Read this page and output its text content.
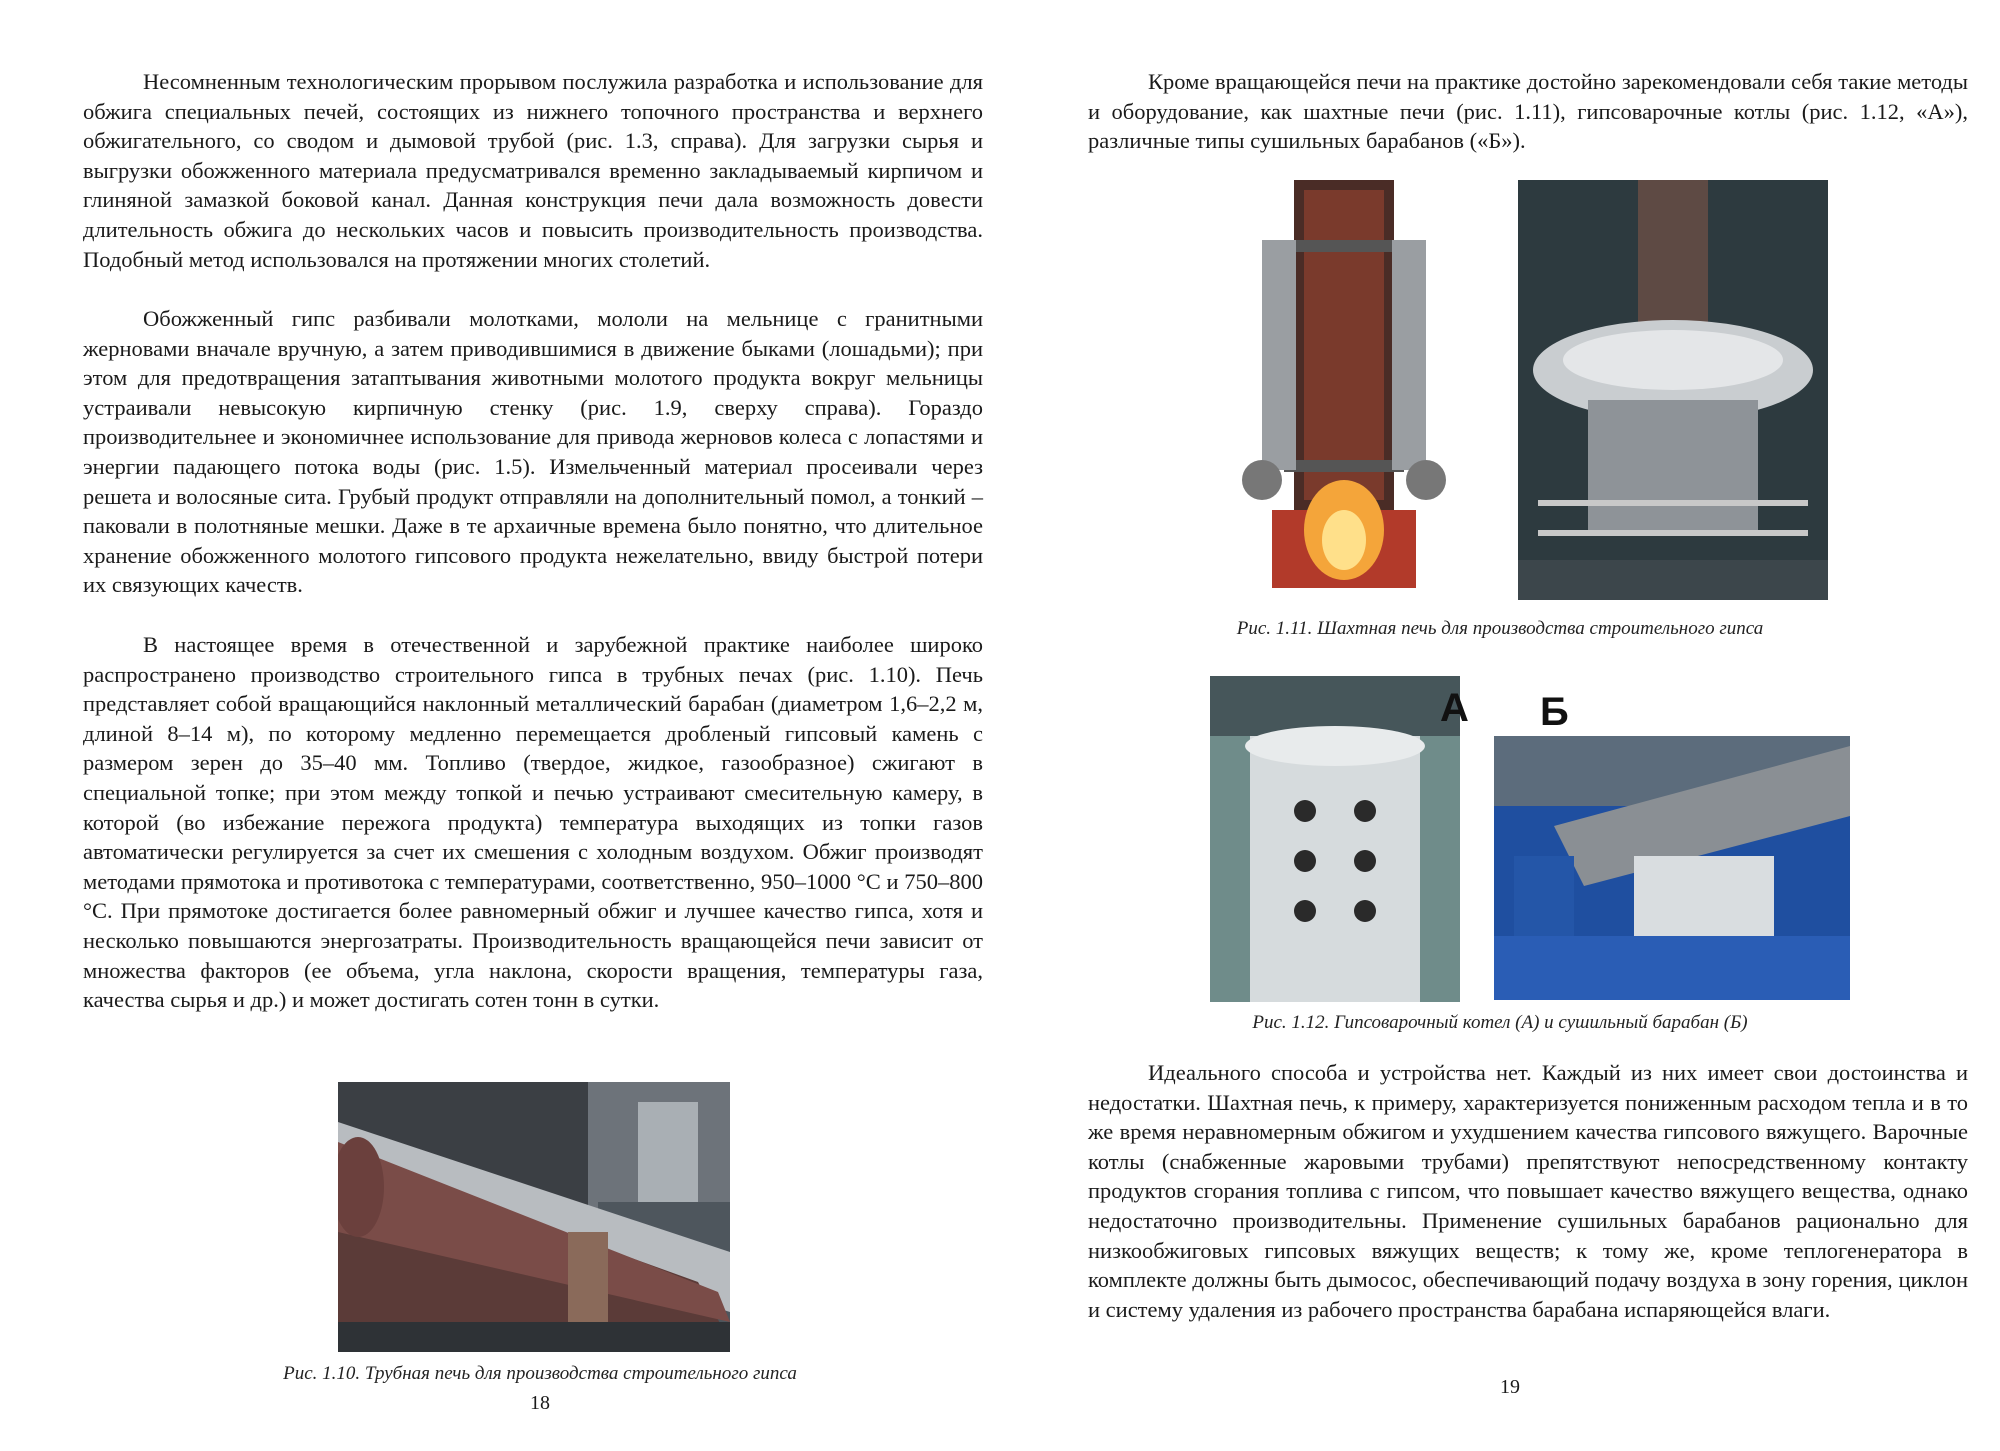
Несомненным технологическим прорывом послужила разработка и использование для обжига специальных печей, состоящих из нижнего топочного пространства и верхнего обжигательного, со сводом и дымовой трубой (рис. 1.3, справа). Для загрузки сырья и выгрузки обожженного материала предусматривался временно закладываемый кирпичом и глиняной замазкой боковой канал. Данная конструкция печи дала возможность довести длительность обжига до нескольких часов и повысить производительность производства. Подобный метод использовался на протяжении многих столетий.

Обожженный гипс разбивали молотками, мололи на мельнице с гранитными жерновами вначале вручную, а затем приводившимися в движение быками (лошадьми); при этом для предотвращения затаптывания животными молотого продукта вокруг мельницы устраивали невысокую кирпичную стенку (рис. 1.9, сверху справа). Гораздо производительнее и экономичнее использование для привода жерновов колеса с лопастями и энергии падающего потока воды (рис. 1.5). Измельченный материал просеивали через решета и волосяные сита. Грубый продукт отправляли на дополнительный помол, а тонкий – паковали в полотняные мешки. Даже в те архаичные времена было понятно, что длительное хранение обожженного молотого гипсового продукта нежелательно, ввиду быстрой потери их связующих качеств.

В настоящее время в отечественной и зарубежной практике наиболее широко распространено производство строительного гипса в трубных печах (рис. 1.10). Печь представляет собой вращающийся наклонный металлический барабан (диаметром 1,6–2,2 м, длиной 8–14 м), по которому медленно перемещается дробленый гипсовый камень с размером зерен до 35–40 мм. Топливо (твердое, жидкое, газообразное) сжигают в специальной топке; при этом между топкой и печью устраивают смесительную камеру, в которой (во избежание пережога продукта) температура выходящих из топки газов автоматически регулируется за счет их смешения с холодным воздухом. Обжиг производят методами прямотока и противотока с температурами, соответственно, 950–1000 °С и 750–800 °С. При прямотоке достигается более равномерный обжиг и лучшее качество гипса, хотя и несколько повышаются энергозатраты. Производительность вращающейся печи зависит от множества факторов (ее объема, угла наклона, скорости вращения, температуры газа, качества сырья и др.) и может достигать сотен тонн в сутки.

Рис. 1.10. Трубная печь для производства строительного гипса

18

Кроме вращающейся печи на практике достойно зарекомендовали себя такие методы и оборудование, как шахтные печи (рис. 1.11), гипсоварочные котлы (рис. 1.12, «А»), различные типы сушильных барабанов («Б»).

Рис. 1.11. Шахтная печь для производства строительного гипса

А Б

Рис. 1.12. Гипсоварочный котел (А) и сушильный барабан (Б)

Идеального способа и устройства нет. Каждый из них имеет свои достоинства и недостатки. Шахтная печь, к примеру, характеризуется пониженным расходом тепла и в то же время неравномерным обжигом и ухудшением качества гипсового вяжущего. Варочные котлы (снабженные жаровыми трубами) препятствуют непосредственному контакту продуктов сгорания топлива с гипсом, что повышает качество вяжущего вещества, однако недостаточно производительны. Применение сушильных барабанов рационально для низкообжиговых гипсовых вяжущих веществ; к тому же, кроме теплогенератора в комплекте должны быть дымосос, обеспечивающий подачу воздуха в зону горения, циклон и систему удаления из рабочего пространства барабана испаряющейся влаги.

19
